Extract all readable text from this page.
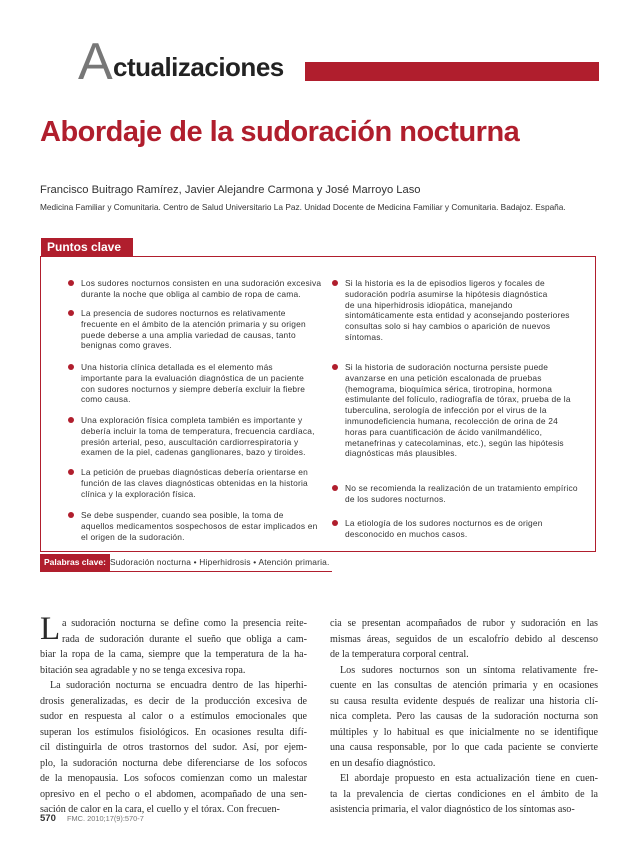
A ctualizaciones
Abordaje de la sudoración nocturna
Francisco Buitrago Ramírez, Javier Alejandre Carmona y José Marroyo Laso
Medicina Familiar y Comunitaria. Centro de Salud Universitario La Paz. Unidad Docente de Medicina Familiar y Comunitaria. Badajoz. España.
Puntos clave
Los sudores nocturnos consisten en una sudoración excesiva
durante la noche que obliga al cambio de ropa de cama.
La presencia de sudores nocturnos es relativamente
frecuente en el ámbito de la atención primaria y su origen
puede deberse a una amplia variedad de causas, tanto
benignas como graves.
Una historia clínica detallada es el elemento más
importante para la evaluación diagnóstica de un paciente
con sudores nocturnos y siempre debería excluir la fiebre
como causa.
Una exploración física completa también es importante y
debería incluir la toma de temperatura, frecuencia cardíaca,
presión arterial, peso, auscultación cardiorrespiratoria y
examen de la piel, cadenas ganglionares, bazo y tiroides.
La petición de pruebas diagnósticas debería orientarse en
función de las claves diagnósticas obtenidas en la historia
clínica y la exploración física.
Se debe suspender, cuando sea posible, la toma de
aquellos medicamentos sospechosos de estar implicados en
el origen de la sudoración.
Si la historia es la de episodios ligeros y focales de
sudoración podría asumirse la hipótesis diagnóstica
de una hiperhidrosis idiopática, manejando
sintomáticamente esta entidad y aconsejando posteriores
consultas solo si hay cambios o aparición de nuevos
síntomas.
Si la historia de sudoración nocturna persiste puede
avanzarse en una petición escalonada de pruebas
(hemograma, bioquímica sérica, tirotropina, hormona
estimulante del folículo, radiografía de tórax, prueba de la
tuberculina, serología de infección por el virus de la
inmunodeficiencia humana, recolección de orina de 24
horas para cuantificación de ácido vanilmandélico,
metanefrinas y catecolaminas, etc.), según las hipótesis
diagnósticas más plausibles.
No se recomienda la realización de un tratamiento empírico
de los sudores nocturnos.
La etiología de los sudores nocturnos es de origen
desconocido en muchos casos.
Palabras clave: Sudoración nocturna • Hiperhidrosis • Atención primaria.
L a sudoración nocturna se define como la presencia reite-
rada de sudoración durante el sueño que obliga a cam-
biar la ropa de la cama, siempre que la temperatura de la ha-
bitación sea agradable y no se tenga excesiva ropa.
La sudoración nocturna se encuadra dentro de las hiperhi-
drosis generalizadas, es decir de la producción excesiva de
sudor en respuesta al calor o a estímulos emocionales que
superan los estímulos fisiológicos. En ocasiones resulta difí-
cil distinguirla de otros trastornos del sudor. Así, por ejem-
plo, la sudoración nocturna debe diferenciarse de los sofocos
de la menopausia. Los sofocos comienzan como un malestar
opresivo en el pecho o el abdomen, acompañado de una sen-
sación de calor en la cara, el cuello y el tórax. Con frecuen-
cia se presentan acompañados de rubor y sudoración en las
mismas áreas, seguidos de un escalofrío debido al descenso
de la temperatura corporal central.
Los sudores nocturnos son un síntoma relativamente fre-
cuente en las consultas de atención primaria y en ocasiones
su causa resulta evidente después de realizar una historia clí-
nica completa. Pero las causas de la sudoración nocturna son
múltiples y lo habitual es que inicialmente no se identifique
una causa responsable, por lo que cada paciente se convierte
en un desafío diagnóstico.
El abordaje propuesto en esta actualización tiene en cuen-
ta la prevalencia de ciertas condiciones en el ámbito de la
asistencia primaria, el valor diagnóstico de los síntomas aso-
570 FMC. 2010;17(9):570-7
